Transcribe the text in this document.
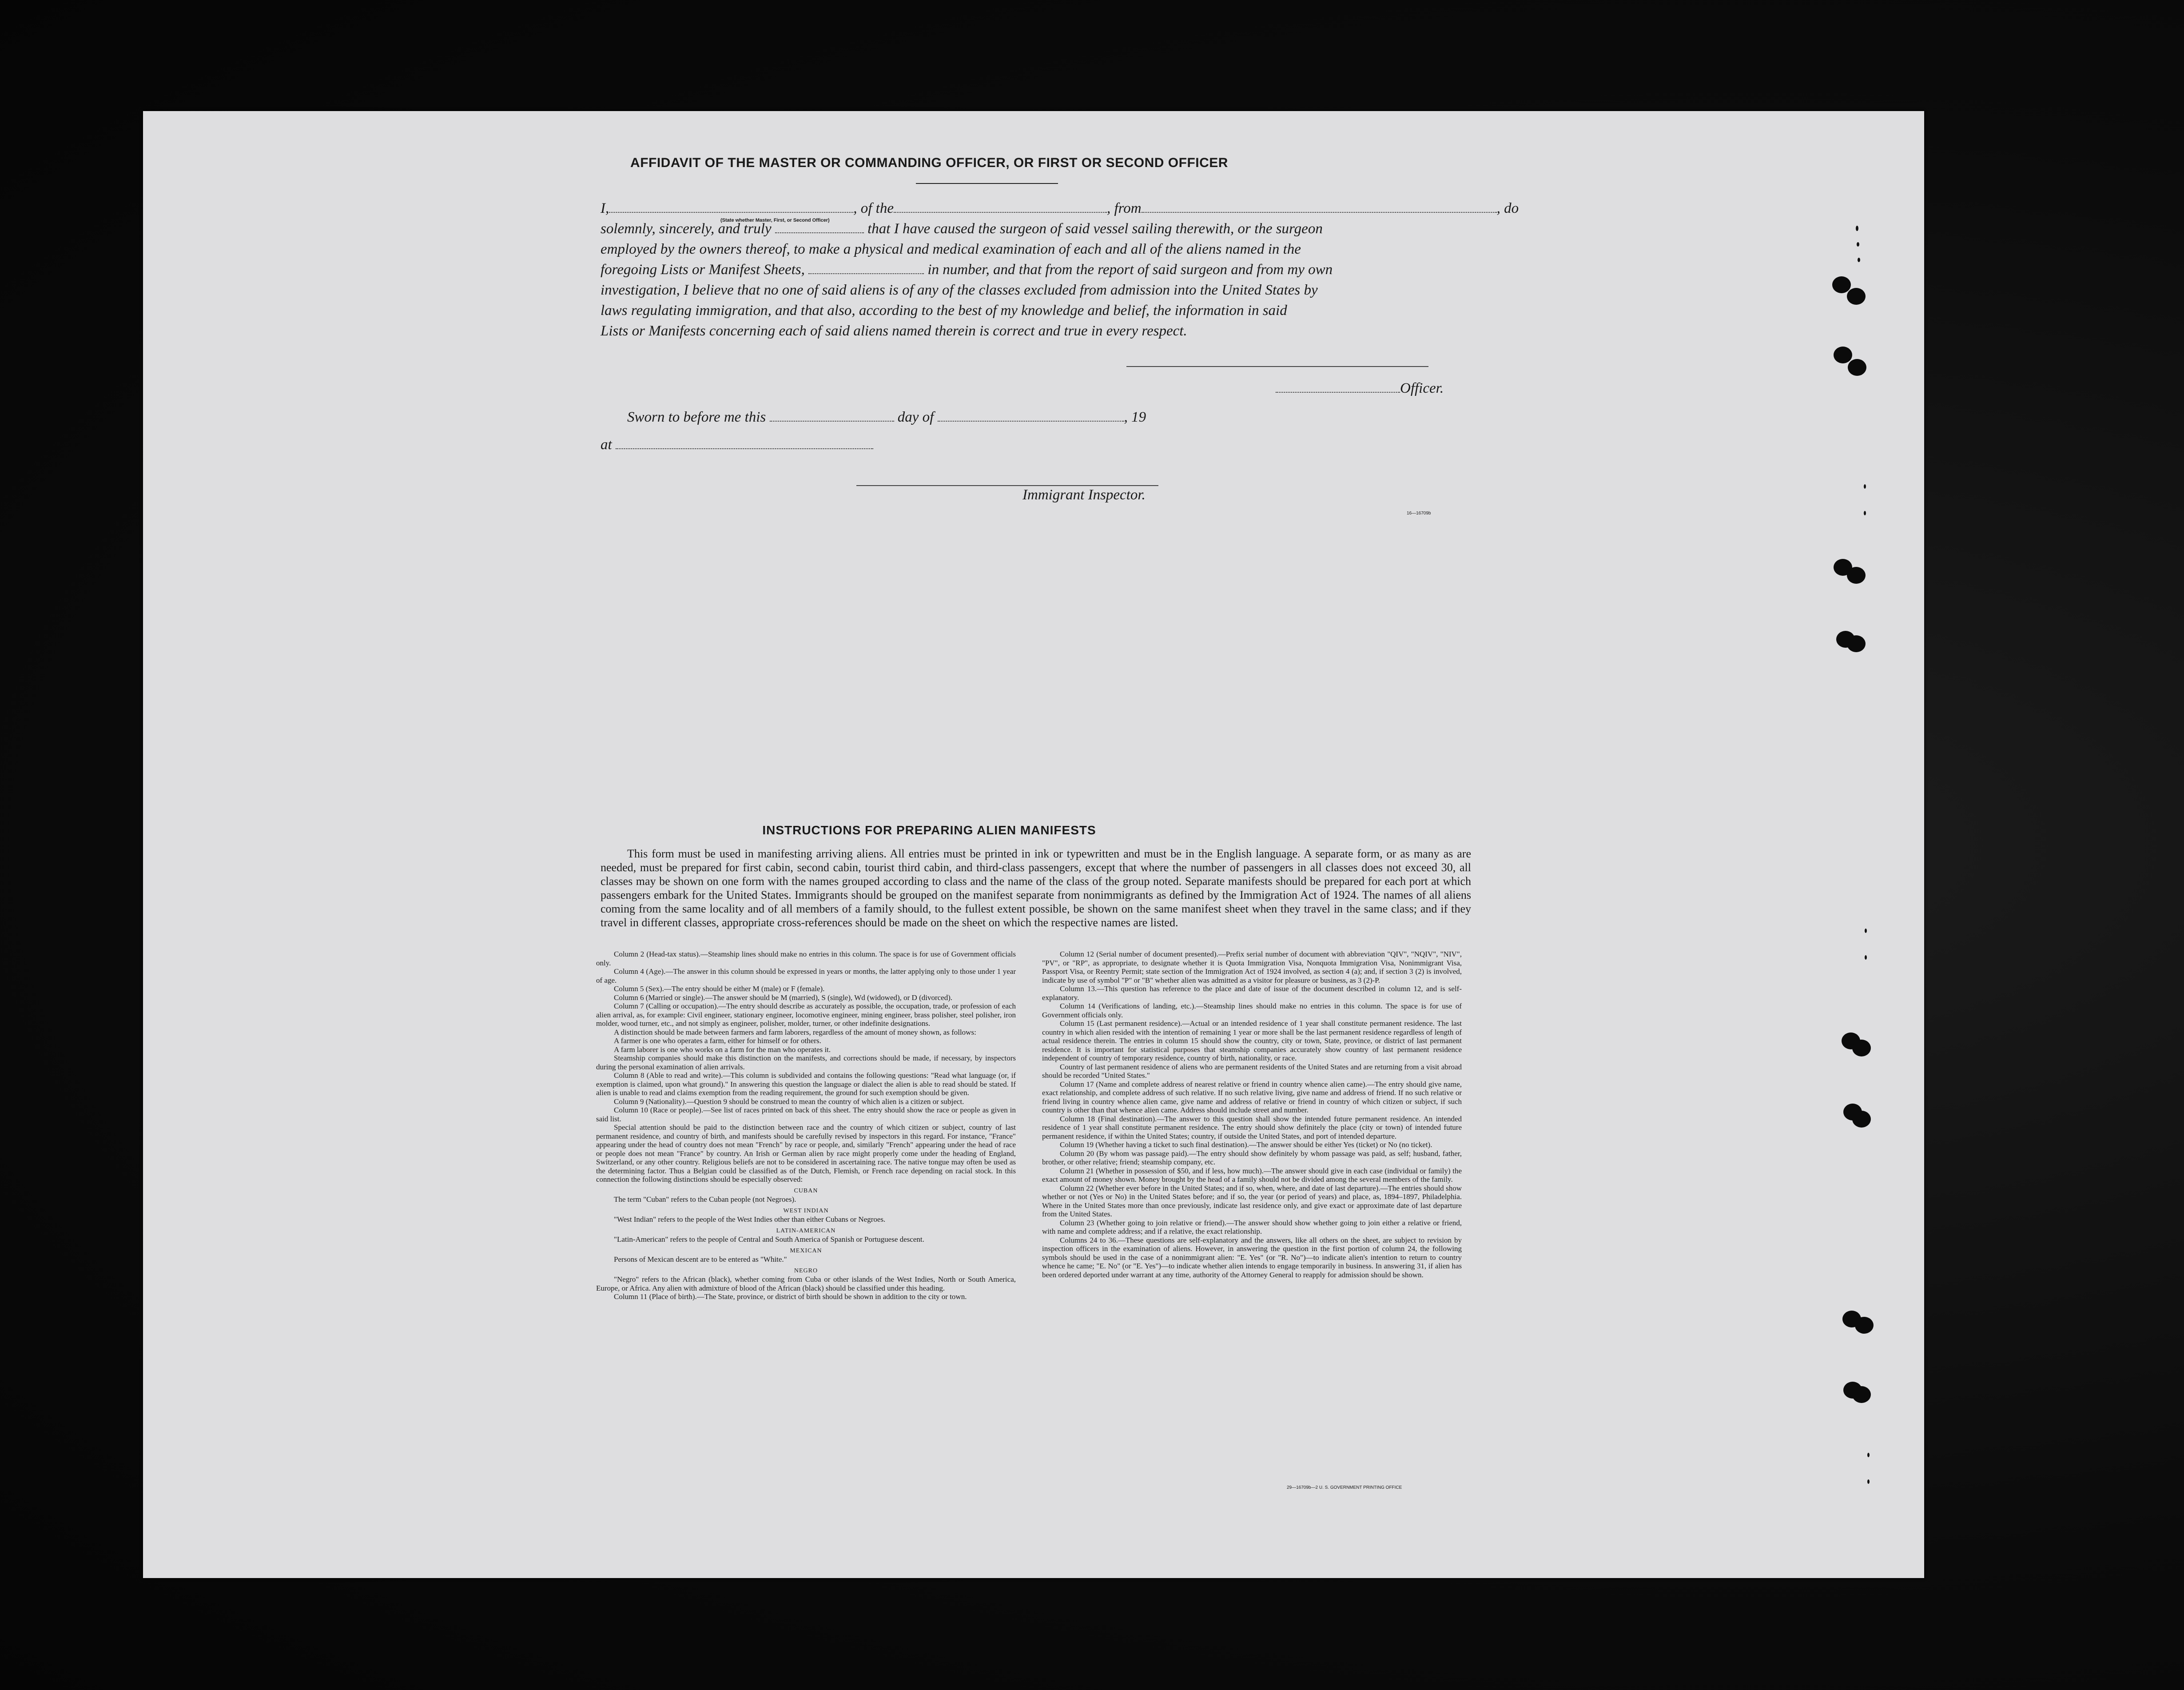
AFFIDAVIT OF THE MASTER OR COMMANDING OFFICER, OR FIRST OR SECOND OFFICER
I,	, of the	, from	, do
(State whether Master, First, or Second Officer)
solemnly, sincerely, and truly	that I have caused the surgeon of said vessel sailing therewith, or the surgeon
employed by the owners thereof, to make a physical and medical examination of each and all of the aliens named in the
foregoing Lists or Manifest Sheets,	in number, and that from the report of said surgeon and from my own
investigation, I believe that no one of said aliens is of any of the classes excluded from admission into the United States by
laws regulating immigration, and that also, according to the best of my knowledge and belief, the information in said
Lists or Manifests concerning each of said aliens named therein is correct and true in every respect.
Officer.
Sworn to before me this	day of	, 19
at
Immigrant Inspector.
16—16709b
INSTRUCTIONS FOR PREPARING ALIEN MANIFESTS

This form must be used in manifesting arriving aliens. All entries must be printed in ink or typewritten and must be in the English language. A separate form, or as many as are needed, must be prepared for first cabin, second cabin, tourist third cabin, and third-class passengers, except that where the number of passengers in all classes does not exceed 30, all classes may be shown on one form with the names grouped according to class and the name of the class of the group noted. Separate manifests should be prepared for each port at which passengers embark for the United States. Immigrants should be grouped on the manifest separate from nonimmigrants as defined by the Immigration Act of 1924. The names of all aliens coming from the same locality and of all members of a family should, to the fullest extent possible, be shown on the same manifest sheet when they travel in the same class; and if they travel in different classes, appropriate cross-references should be made on the sheet on which the respective names are listed.

Column 2 (Head-tax status).—Steamship lines should make no entries in this column. The space is for use of Government officials only.

Column 4 (Age).—The answer in this column should be expressed in years or months, the latter applying only to those under 1 year of age.

Column 5 (Sex).—The entry should be either M (male) or F (female).

Column 6 (Married or single).—The answer should be M (married), S (single), Wd (widowed), or D (divorced).

Column 7 (Calling or occupation).—The entry should describe as accurately as possible, the occupation, trade, or profession of each alien arrival, as, for example: Civil engineer, stationary engineer, locomotive engineer, mining engineer, brass polisher, steel polisher, iron molder, wood turner, etc., and not simply as engineer, polisher, molder, turner, or other indefinite designations.

A distinction should be made between farmers and farm laborers, regardless of the amount of money shown, as follows:

A farmer is one who operates a farm, either for himself or for others.

A farm laborer is one who works on a farm for the man who operates it.

Steamship companies should make this distinction on the manifests, and corrections should be made, if necessary, by inspectors during the personal examination of alien arrivals.

Column 8 (Able to read and write).—This column is subdivided and contains the following questions: "Read what language (or, if exemption is claimed, upon what ground)." In answering this question the language or dialect the alien is able to read should be stated. If alien is unable to read and claims exemption from the reading requirement, the ground for such exemption should be given.

Column 9 (Nationality).—Question 9 should be construed to mean the country of which alien is a citizen or subject.

Column 10 (Race or people).—See list of races printed on back of this sheet. The entry should show the race or people as given in said list.

Special attention should be paid to the distinction between race and the country of which citizen or subject, country of last permanent residence, and country of birth, and manifests should be carefully revised by inspectors in this regard. For instance, "France" appearing under the head of country does not mean "French" by race or people, and, similarly "French" appearing under the head of race or people does not mean "France" by country. An Irish or German alien by race might properly come under the heading of England, Switzerland, or any other country. Religious beliefs are not to be considered in ascertaining race. The native tongue may often be used as the determining factor. Thus a Belgian could be classified as of the Dutch, Flemish, or French race depending on racial stock. In this connection the following distinctions should be especially observed:

CUBAN

The term "Cuban" refers to the Cuban people (not Negroes).

WEST INDIAN

"West Indian" refers to the people of the West Indies other than either Cubans or Negroes.

LATIN-AMERICAN

"Latin-American" refers to the people of Central and South America of Spanish or Portuguese descent.

MEXICAN

Persons of Mexican descent are to be entered as "White."

NEGRO

"Negro" refers to the African (black), whether coming from Cuba or other islands of the West Indies, North or South America, Europe, or Africa. Any alien with admixture of blood of the African (black) should be classified under this heading.

Column 11 (Place of birth).—The State, province, or district of birth should be shown in addition to the city or town.

Column 12 (Serial number of document presented).—Prefix serial number of document with abbreviation "QIV", "NQIV", "NIV", "PV", or "RP", as appropriate, to designate whether it is Quota Immigration Visa, Nonquota Immigration Visa, Nonimmigrant Visa, Passport Visa, or Reentry Permit; state section of the Immigration Act of 1924 involved, as section 4 (a); and, if section 3 (2) is involved, indicate by use of symbol "P" or "B" whether alien was admitted as a visitor for pleasure or business, as 3 (2)-P.

Column 13.—This question has reference to the place and date of issue of the document described in column 12, and is self-explanatory.

Column 14 (Verifications of landing, etc.).—Steamship lines should make no entries in this column. The space is for use of Government officials only.

Column 15 (Last permanent residence).—Actual or an intended residence of 1 year shall constitute permanent residence. The last country in which alien resided with the intention of remaining 1 year or more shall be the last permanent residence regardless of length of actual residence therein. The entries in column 15 should show the country, city or town, State, province, or district of last permanent residence. It is important for statistical purposes that steamship companies accurately show country of last permanent residence independent of country of temporary residence, country of birth, nationality, or race.

Country of last permanent residence of aliens who are permanent residents of the United States and are returning from a visit abroad should be recorded "United States."

Column 17 (Name and complete address of nearest relative or friend in country whence alien came).—The entry should give name, exact relationship, and complete address of such relative. If no such relative living, give name and address of friend. If no such relative or friend living in country whence alien came, give name and address of relative or friend in country of which citizen or subject, if such country is other than that whence alien came. Address should include street and number.

Column 18 (Final destination).—The answer to this question shall show the intended future permanent residence. An intended residence of 1 year shall constitute permanent residence. The entry should show definitely the place (city or town) of intended future permanent residence, if within the United States; country, if outside the United States, and port of intended departure.

Column 19 (Whether having a ticket to such final destination).—The answer should be either Yes (ticket) or No (no ticket).

Column 20 (By whom was passage paid).—The entry should show definitely by whom passage was paid, as self; husband, father, brother, or other relative; friend; steamship company, etc.

Column 21 (Whether in possession of $50, and if less, how much).—The answer should give in each case (individual or family) the exact amount of money shown. Money brought by the head of a family should not be divided among the several members of the family.

Column 22 (Whether ever before in the United States; and if so, when, where, and date of last departure).—The entries should show whether or not (Yes or No) in the United States before; and if so, the year (or period of years) and place, as, 1894–1897, Philadelphia. Where in the United States more than once previously, indicate last residence only, and give exact or approximate date of last departure from the United States.

Column 23 (Whether going to join relative or friend).—The answer should show whether going to join either a relative or friend, with name and complete address; and if a relative, the exact relationship.

Columns 24 to 36.—These questions are self-explanatory and the answers, like all others on the sheet, are subject to revision by inspection officers in the examination of aliens. However, in answering the question in the first portion of column 24, the following symbols should be used in the case of a nonimmigrant alien: "E. Yes" (or "R. No")—to indicate alien's intention to return to country whence he came; "E. No" (or "E. Yes")—to indicate whether alien intends to engage temporarily in business. In answering 31, if alien has been ordered deported under warrant at any time, authority of the Attorney General to reapply for admission should be shown.

29—16709b—2 U. S. GOVERNMENT PRINTING OFFICE
